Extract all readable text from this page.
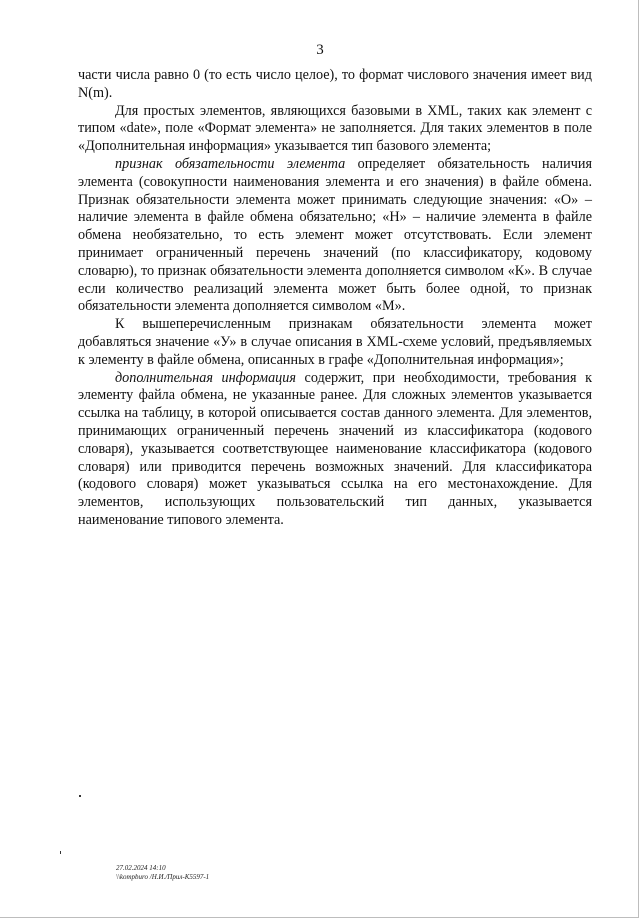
3

части числа равно 0 (то есть число целое), то формат числового значения имеет вид N(m).

Для простых элементов, являющихся базовыми в XML, таких как элемент с типом «date», поле «Формат элемента» не заполняется. Для таких элементов в поле «Дополнительная информация» указывается тип базового элемента;

признак обязательности элемента определяет обязательность наличия элемента (совокупности наименования элемента и его значения) в файле обмена. Признак обязательности элемента может принимать следующие значения: «О» – наличие элемента в файле обмена обязательно; «Н» – наличие элемента в файле обмена необязательно, то есть элемент может отсутствовать. Если элемент принимает ограниченный перечень значений (по классификатору, кодовому словарю), то признак обязательности элемента дополняется символом «К». В случае если количество реализаций элемента может быть более одной, то признак обязательности элемента дополняется символом «М».

К вышеперечисленным признакам обязательности элемента может добавляться значение «У» в случае описания в XML-схеме условий, предъявляемых к элементу в файле обмена, описанных в графе «Дополнительная информация»;

дополнительная информация содержит, при необходимости, требования к элементу файла обмена, не указанные ранее. Для сложных элементов указывается ссылка на таблицу, в которой описывается состав данного элемента. Для элементов, принимающих ограниченный перечень значений из классификатора (кодового словаря), указывается соответствующее наименование классификатора (кодового словаря) или приводится перечень возможных значений. Для классификатора (кодового словаря) может указываться ссылка на его местонахождение. Для элементов, использующих пользовательский тип данных, указывается наименование типового элемента.

27.02.2024 14:10
\\kompburo /Н.И./Прил-К5597-1
